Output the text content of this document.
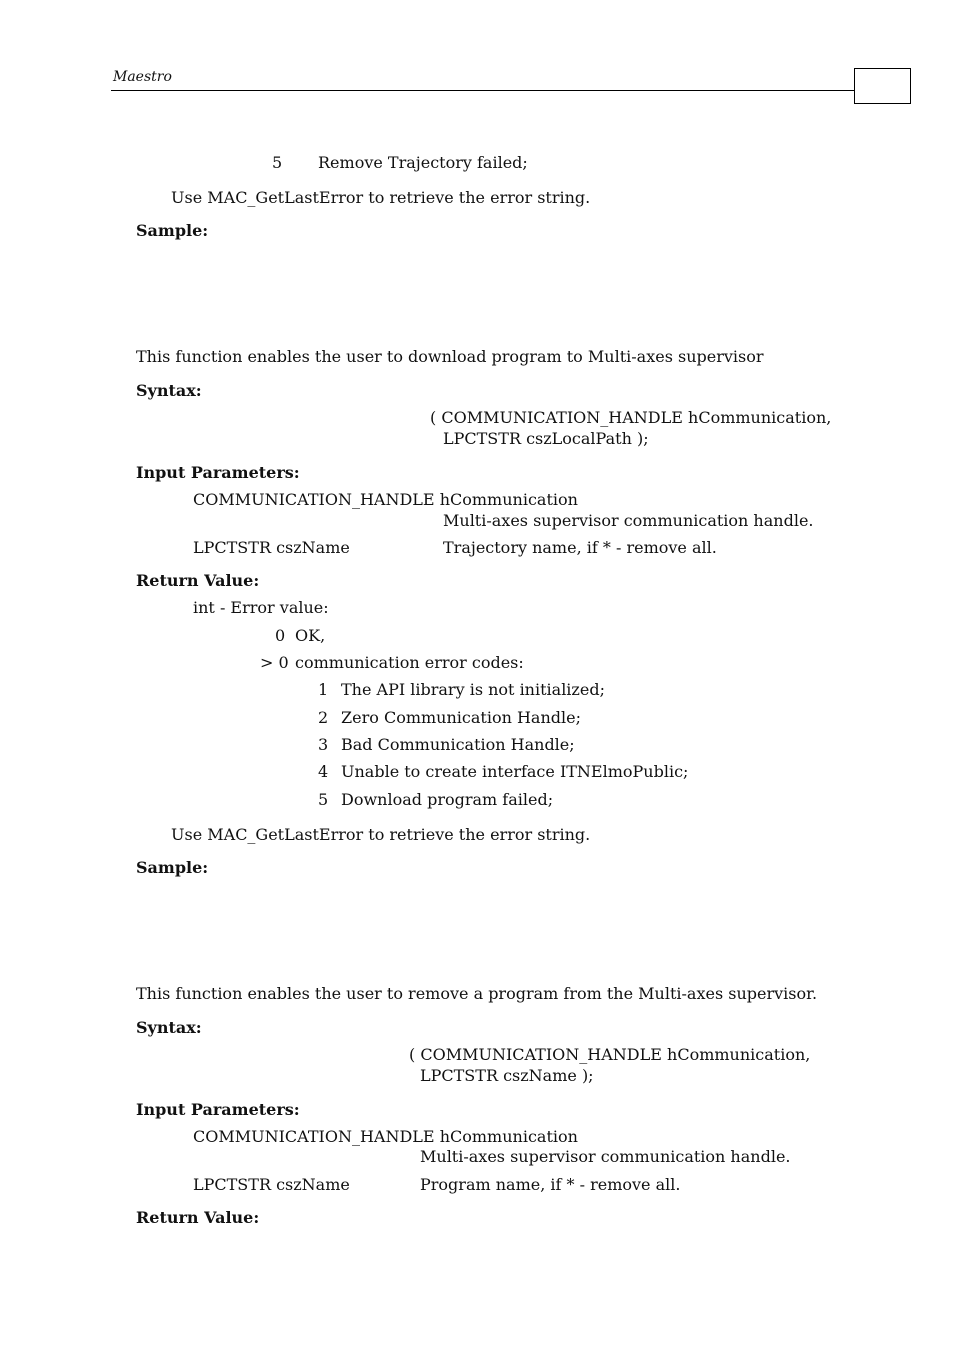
Maestro
5 Remove Trajectory failed;
Use MAC_GetLastError to retrieve the error string.
Sample:
This function enables the user to download program to Multi-axes supervisor
Syntax:
( COMMUNICATION_HANDLE hCommunication,
LPCTSTR cszLocalPath );
Input Parameters:
COMMUNICATION_HANDLE hCommunication
Multi-axes supervisor communication handle.
LPCTSTR cszName	Trajectory name, if * - remove all.
Return Value:
int - Error value:
0 OK,
> 0 communication error codes:
1 The API library is not initialized;
2 Zero Communication Handle;
3 Bad Communication Handle;
4 Unable to create interface ITNElmoPublic;
5 Download program failed;
Use MAC_GetLastError to retrieve the error string.
Sample:
This function enables the user to remove a program from the Multi-axes supervisor.
Syntax:
( COMMUNICATION_HANDLE hCommunication,
LPCTSTR cszName );
Input Parameters:
COMMUNICATION_HANDLE hCommunication
Multi-axes supervisor communication handle.
LPCTSTR cszName	Program name, if * - remove all.
Return Value:
